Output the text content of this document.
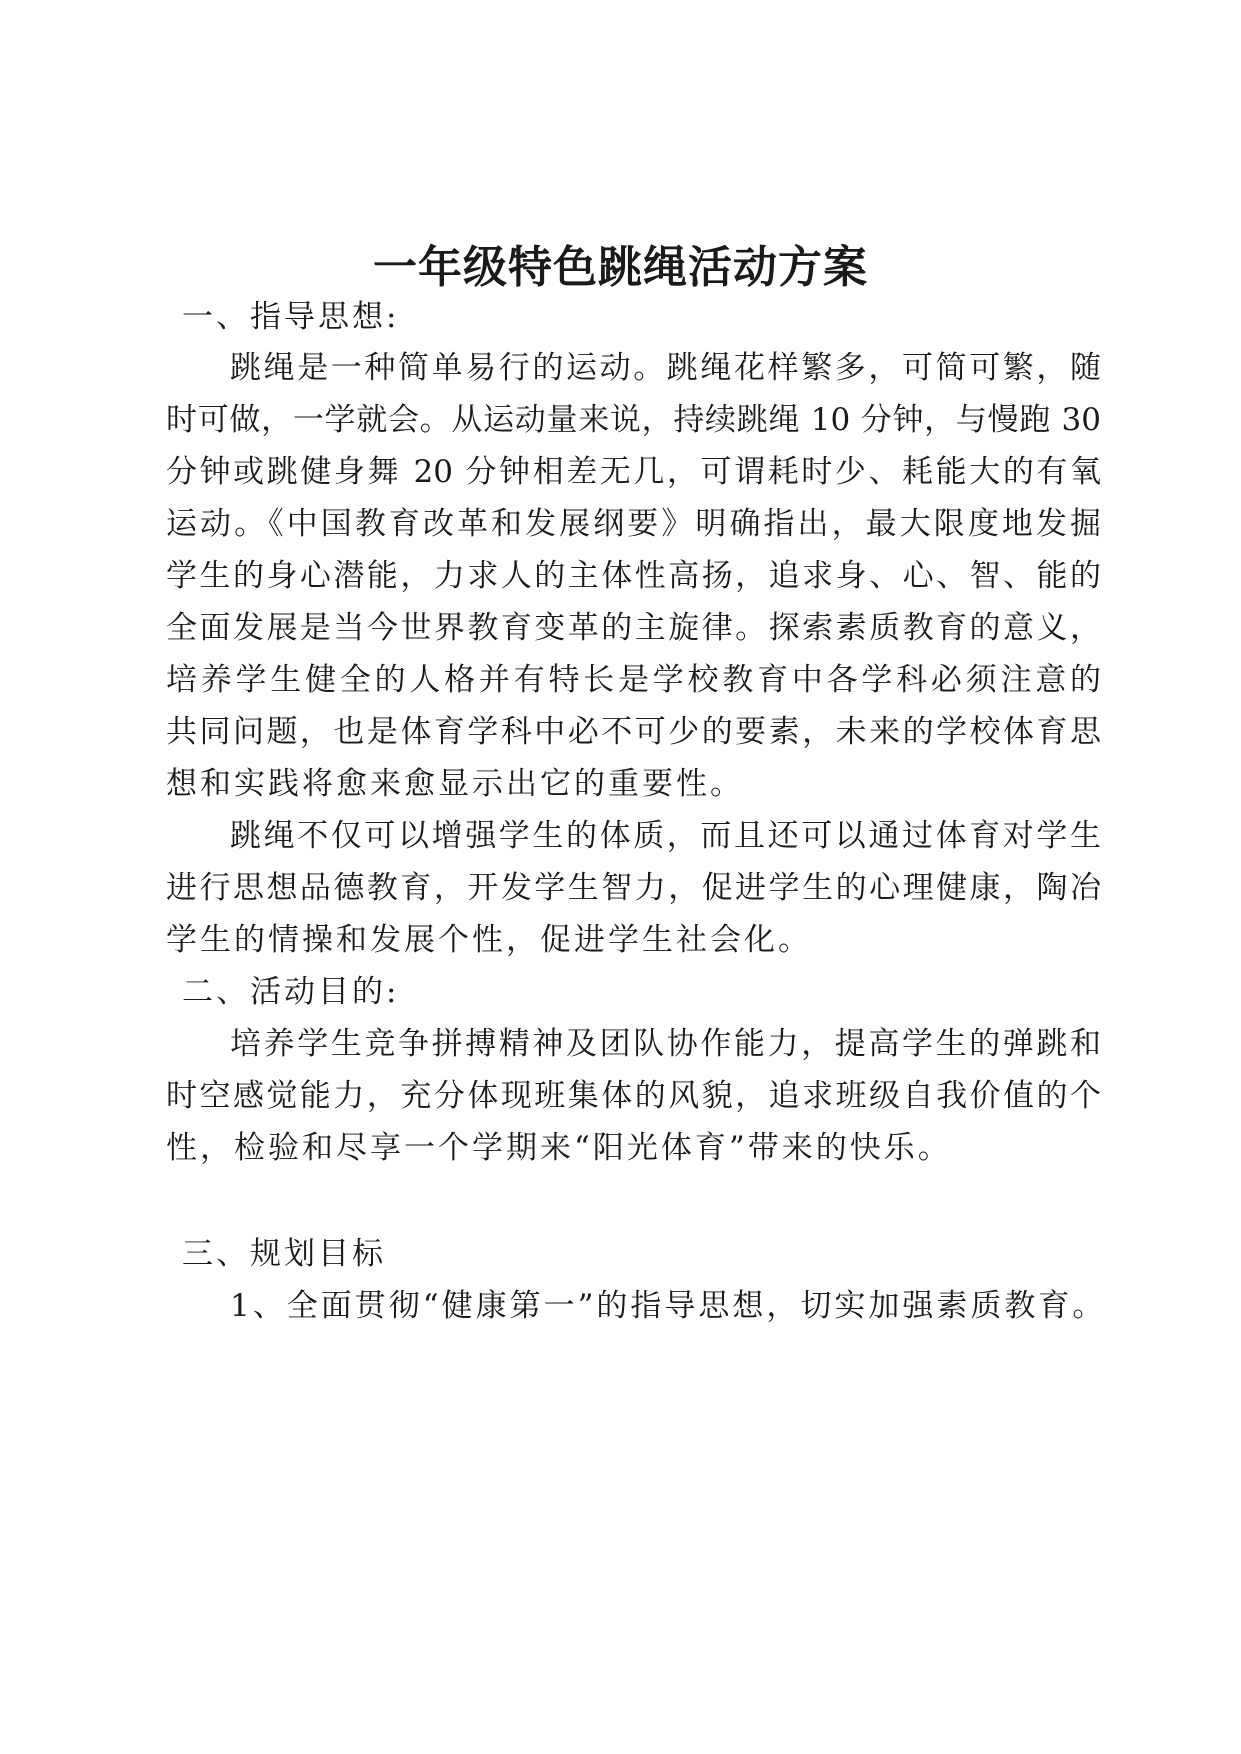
一年级特色跳绳活动方案

一、指导思想:

跳绳是一种简单易行的运动。跳绳花样繁多，可简可繁，随

时可做，一学就会。从运动量来说，持续跳绳 10 分钟，与慢跑 30

分钟或跳健身舞 20 分钟相差无几，可谓耗时少、耗能大的有氧

运动。《中国教育改革和发展纲要》明确指出，最大限度地发掘

学生的身心潜能，力求人的主体性高扬，追求身、心、智、能的

全面发展是当今世界教育变革的主旋律。探索素质教育的意义，

培养学生健全的人格并有特长是学校教育中各学科必须注意的

共同问题，也是体育学科中必不可少的要素，未来的学校体育思

想和实践将愈来愈显示出它的重要性。

跳绳不仅可以增强学生的体质，而且还可以通过体育对学生

进行思想品德教育，开发学生智力，促进学生的心理健康，陶冶

学生的情操和发展个性，促进学生社会化。

二、活动目的:

培养学生竞争拼搏精神及团队协作能力，提高学生的弹跳和

时空感觉能力，充分体现班集体的风貌，追求班级自我价值的个

性，检验和尽享一个学期来“阳光体育”带来的快乐。

三、规划目标

1、全面贯彻“健康第一”的指导思想，切实加强素质教育。
